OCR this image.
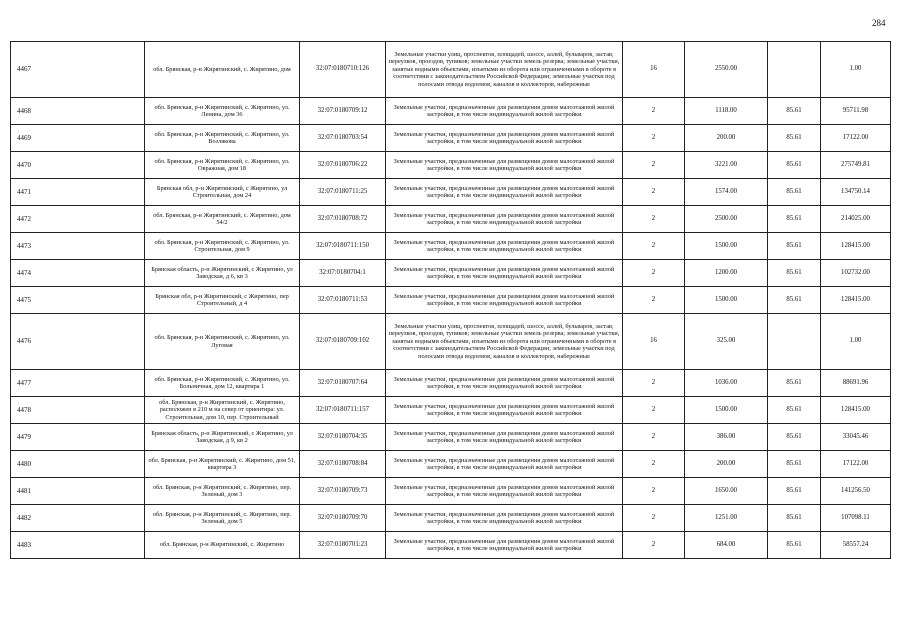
284
4467	обл. Брянская, р-н Жирятинский, с. Жирятино, дом	32:07:0180710:126	Земельные участки улиц, проспектов, площадей, шоссе, аллей, бульваров, застав, переулков, проездов, тупиков; земельные участки земель резерва; земельные участки, занятые водными объектами, изъятыми из оборота или ограниченными в обороте в соответствии с законодательством Российской Федерации; земельные участки под полосами отвода водоемов, каналов и коллекторов, набережные	16	2550.00		1.00
4468	обл. Брянская, р-н Жирятинский, с. Жирятино, ул. Ленина, дом 36	32:07:0180709:12	Земельные участки, предназначенные для размещения домов малоэтажной жилой застройки, в том числе индивидуальной жилой застройки	2	1118.00	85.61	95711.98
4469	обл. Брянская, р-н Жирятинский, с. Жирятино, ул. Возлякова	32:07:0180703:54	Земельные участки, предназначенные для размещения домов малоэтажной жилой застройки, в том числе индивидуальной жилой застройки	2	200.00	85.61	17122.00
4470	обл. Брянская, р-н Жирятинский, с. Жирятино, ул. Овражная, дом 18	32:07:0180706:22	Земельные участки, предназначенные для размещения домов малоэтажной жилой застройки, в том числе индивидуальной жилой застройки	2	3221.00	85.61	275749.81
4471	Брянская обл, р-н Жирятинский, с Жирятино, ул Строительная, дом 24	32:07:0180711:25	Земельные участки, предназначенные для размещения домов малоэтажной жилой застройки, в том числе индивидуальной жилой застройки	2	1574.00	85.61	134750.14
4472	обл. Брянская, р-н Жирятинский, с. Жирятино, дом 54/2	32:07:0180708:72	Земельные участки, предназначенные для размещения домов малоэтажной жилой застройки, в том числе индивидуальной жилой застройки	2	2500.00	85.61	214025.00
4473	обл. Брянская, р-н Жирятинский, с. Жирятино, ул. Строительная, дом 9	32:07:0180711:150	Земельные участки, предназначенные для размещения домов малоэтажной жилой застройки, в том числе индивидуальной жилой застройки	2	1500.00	85.61	128415.00
4474	Брянская область, р-н Жирятинский, с Жирятино, ул Заводская, д 6, кв 3	32:07:0180704:1	Земельные участки, предназначенные для размещения домов малоэтажной жилой застройки, в том числе индивидуальной жилой застройки	2	1200.00	85.61	102732.00
4475	Брянская обл, р-н Жирятинский, с Жирятино, пер Строительный, д 4	32:07:0180711:53	Земельные участки, предназначенные для размещения домов малоэтажной жилой застройки, в том числе индивидуальной жилой застройки	2	1500.00	85.61	128415.00
4476	обл. Брянская, р-н Жирятинский, с. Жирятино, ул. Луговая	32:07:0180709:102	Земельные участки улиц, проспектов, площадей, шоссе, аллей, бульваров, застав, переулков, проездов, тупиков; земельные участки земель резерва; земельные участки, занятые водными объектами, изъятыми из оборота или ограниченными в обороте в соответствии с законодательством Российской Федерации; земельные участки под полосами отвода водоемов, каналов и коллекторов, набережные	16	325.00		1.00
4477	обл. Брянская, р-н Жирятинский, с. Жирятино, ул. Больничная, дом 12, квартира 1	32:07:0180707:64	Земельные участки, предназначенные для размещения домов малоэтажной жилой застройки, в том числе индивидуальной жилой застройки	2	1036.00	85.61	88691.96
4478	обл. Брянская, р-н Жирятинский, с. Жирятино, расположен в 210 м на север от ориентира: ул. Строительная, дом 10, пер. Строительный	32:07:0180711:157	Земельные участки, предназначенные для размещения домов малоэтажной жилой застройки, в том числе индивидуальной жилой застройки	2	1500.00	85.61	128415.00
4479	Брянская область, р-н Жирятинский, с Жирятино, ул Заводская, д 9, кв 2	32:07:0180704:35	Земельные участки, предназначенные для размещения домов малоэтажной жилой застройки, в том числе индивидуальной жилой застройки	2	386.00	85.61	33045.46
4480	обл. Брянская, р-н Жирятинский, с. Жирятино, дом 51, квартира 3	32:07:0180708:84	Земельные участки, предназначенные для размещения домов малоэтажной жилой застройки, в том числе индивидуальной жилой застройки	2	200.00	85.61	17122.00
4481	обл. Брянская, р-н Жирятинский, с. Жирятино, пер. Зеленый, дом 3	32:07:0180709:73	Земельные участки, предназначенные для размещения домов малоэтажной жилой застройки, в том числе индивидуальной жилой застройки	2	1650.00	85.61	141256.50
4482	обл. Брянская, р-н Жирятинский, с. Жирятино, пер. Зеленый, дом 5	32:07:0180709:70	Земельные участки, предназначенные для размещения домов малоэтажной жилой застройки, в том числе индивидуальной жилой застройки	2	1251.00	85.61	107098.11
4483	обл. Брянская, р-н Жирятинский, с. Жирятино	32:07:0180701:23	Земельные участки, предназначенные для размещения домов малоэтажной жилой застройки, в том числе индивидуальной жилой застройки	2	684.00	85.61	58557.24
